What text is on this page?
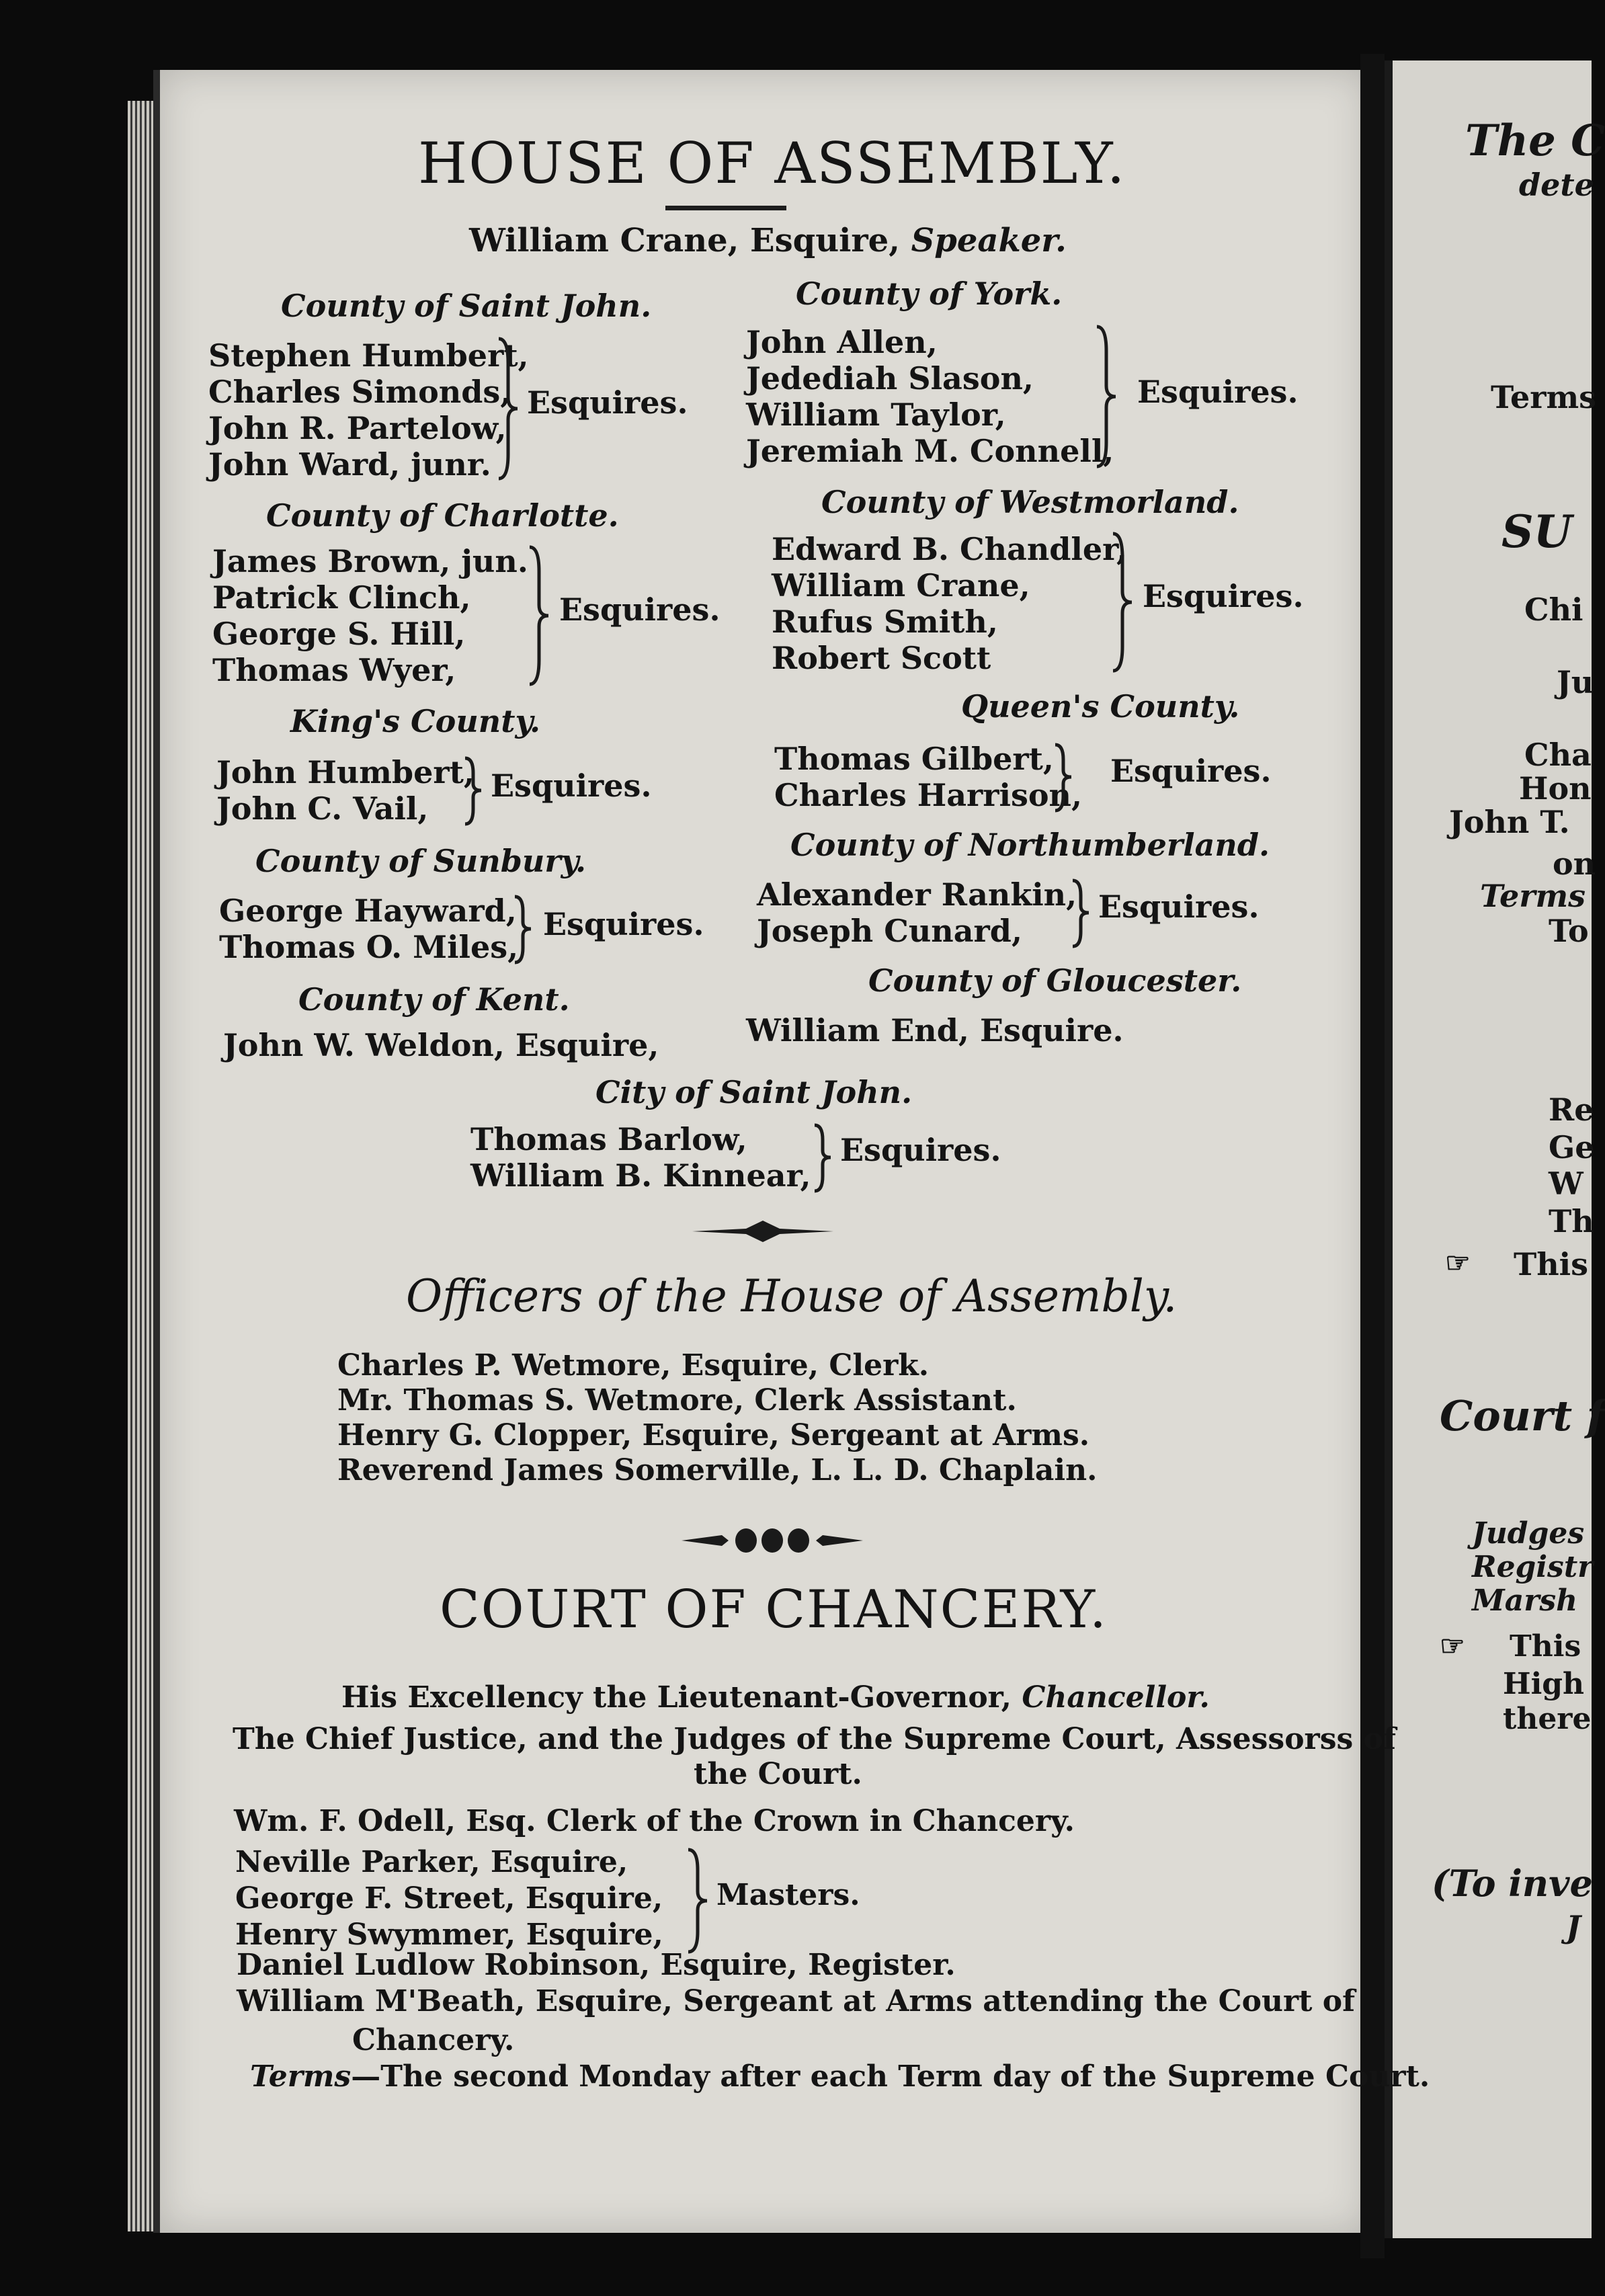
The C
dete
Terms
SU
Chi
Ju
Cha
Hon
John T.
on
Terms
To
Re
Ge
W
Th
This
Court f
Judges
Registr
Marsh
This
High
there
(To inve
J
☞
☞
HOUSE OF ASSEMBLY.
William Crane, Esquire, Speaker.
County of Saint John.
Stephen Humbert,
Charles Simonds,
John R. Partelow,
John Ward, junr.
Esquires.
County of Charlotte.
James Brown, jun.
Patrick Clinch,
George S. Hill,
Thomas Wyer,
Esquires.
King's County.
John Humbert,
John C. Vail,
Esquires.
County of Sunbury.
George Hayward,
Thomas O. Miles,
Esquires.
County of Kent.
John W. Weldon, Esquire,
County of York.
John Allen,
Jedediah Slason,
William Taylor,
Jeremiah M. Connell,
Esquires.
County of Westmorland.
Edward B. Chandler,
William Crane,
Rufus Smith,
Robert Scott
Esquires.
Queen's County.
Thomas Gilbert,
Charles Harrison,
Esquires.
County of Northumberland.
Alexander Rankin,
Joseph Cunard,
Esquires.
County of Gloucester.
William End, Esquire.
City of Saint John.
Thomas Barlow,
William B. Kinnear,
Esquires.
Officers of the House of Assembly.
Charles P. Wetmore, Esquire, Clerk.
Mr. Thomas S. Wetmore, Clerk Assistant.
Henry G. Clopper, Esquire, Sergeant at Arms.
Reverend James Somerville, L. L. D. Chaplain.
COURT OF CHANCERY.
His Excellency the Lieutenant-Governor, Chancellor.
The Chief Justice, and the Judges of the Supreme Court, Assessorss of
the Court.
Wm. F. Odell, Esq. Clerk of the Crown in Chancery.
Neville Parker, Esquire,
George F. Street, Esquire,
Henry Swymmer, Esquire,
Masters.
Daniel Ludlow Robinson, Esquire, Register.
William M'Beath, Esquire, Sergeant at Arms attending the Court of
Chancery.
Terms—The second Monday after each Term day of the Supreme Court.
